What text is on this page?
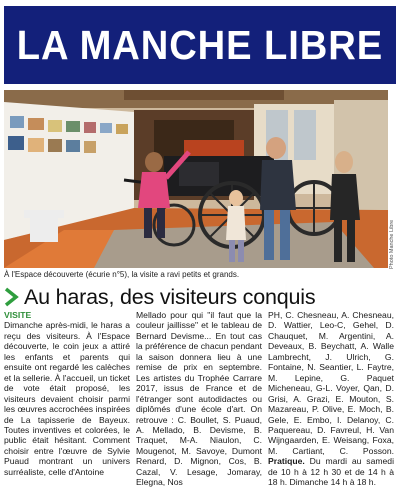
LA MANCHE LIBRE
Photo Manche Libre
À l'Espace découverte (écurie n°5), la visite a ravi petits et grands.
Au haras, des visiteurs conquis
VISITE
Dimanche après-midi, le haras a reçu des visiteurs. À l'Espace découverte, le coin jeux a attiré les enfants et parents qui ensuite ont regardé les calèches et la sellerie. À l'accueil, un ticket de vote était proposé, les visiteurs devaient choisir parmi les œuvres accrochées inspirées de La tapisserie de Bayeux. Toutes inventives et colorées, le public était hésitant. Comment choisir entre l'œuvre de Sylvie Puaud montrant un univers surréaliste, celle d'Antoine
Mellado pour qui "il faut que la couleur jaillisse" et le tableau de Bernard Devisme... En tout cas la préférence de chacun pendant la saison donnera lieu à une remise de prix en septembre. Les artistes du Trophée Carrare 2017, issus de France et de l'étranger sont autodidactes ou diplômés d'une école d'art. On retrouve : C. Boullet, S. Puaud, A. Mellado, B. Devisme, B. Traquet, M-A. Niaulon, C. Mougenot, M. Savoye, Dumont Renard, D. Mignon, Cos, B. Cazal, V. Lesage, Jomaray, Elegna, Nos
PH, C. Chesneau, A. Chesneau, D. Wattier, Leo-C, Gehel, D. Chauquet, M. Argentini, A. Deveaux, B. Beychatt, A. Walle Lambrecht, J. Ulrich, G. Fontaine, N. Seantier, L. Faytre, M. Lepine, G. Paquet Micheneau, G-L. Voyer, Qan, D. Grisi, A. Grazi, E. Mouton, S. Mazareau, P. Olive, E. Moch, B. Gele, E. Embo, I. Delanoy, C. Paquereau, D. Favreul, H. Van Wijngaarden, E. Weisang, Foxa, M. Cartiant, C. Posson. Pratique. Du mardi au samedi de 10 h à 12 h 30 et de 14 h à 18 h. Dimanche 14 h à 18 h.
